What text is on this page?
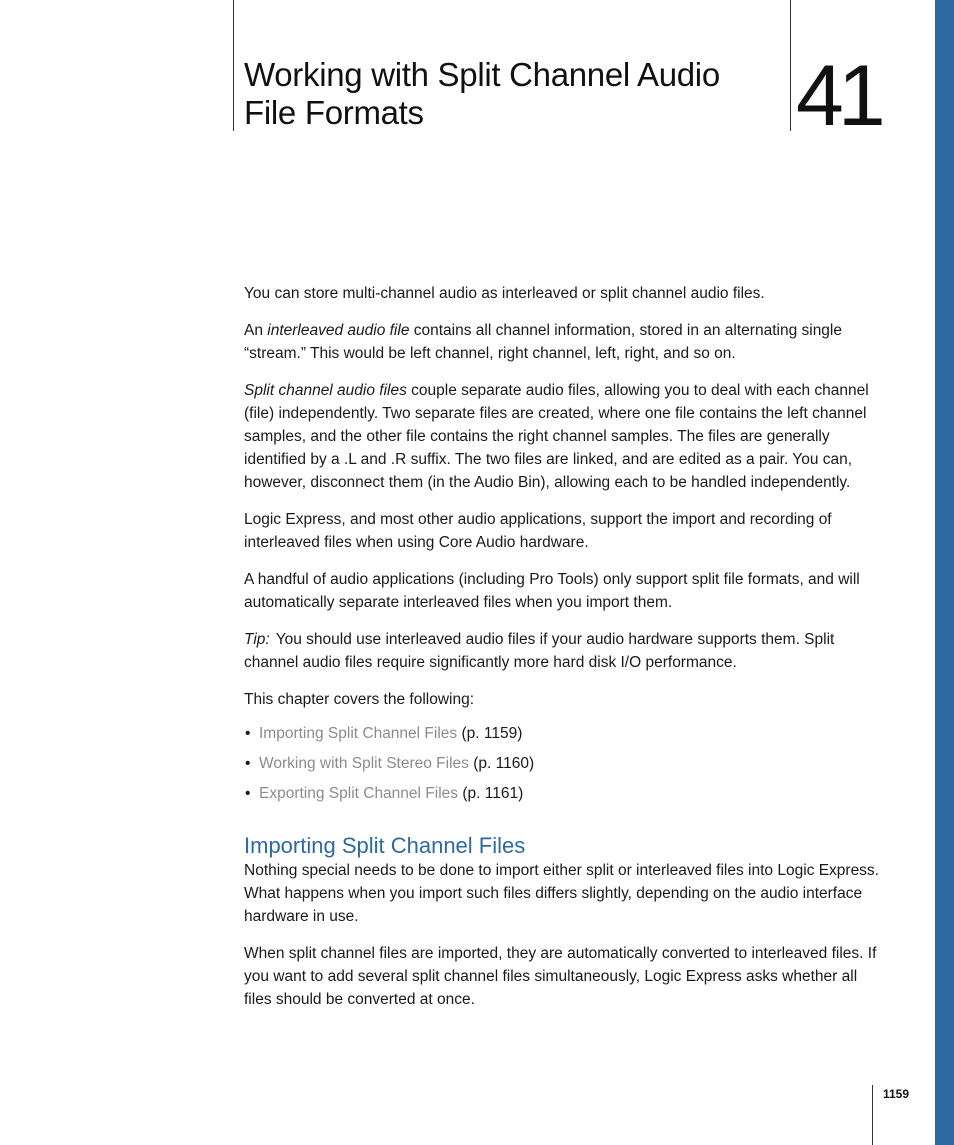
Working with Split Channel Audio File Formats	41

You can store multi-channel audio as interleaved or split channel audio files.

An interleaved audio file contains all channel information, stored in an alternating single “stream.” This would be left channel, right channel, left, right, and so on.

Split channel audio files couple separate audio files, allowing you to deal with each channel (file) independently. Two separate files are created, where one file contains the left channel samples, and the other file contains the right channel samples. The files are generally identified by a .L and .R suffix. The two files are linked, and are edited as a pair. You can, however, disconnect them (in the Audio Bin), allowing each to be handled independently.

Logic Express, and most other audio applications, support the import and recording of interleaved files when using Core Audio hardware.

A handful of audio applications (including Pro Tools) only support split file formats, and will automatically separate interleaved files when you import them.

Tip: You should use interleaved audio files if your audio hardware supports them. Split channel audio files require significantly more hard disk I/O performance.

This chapter covers the following:

• Importing Split Channel Files (p. 1159)
• Working with Split Stereo Files (p. 1160)
• Exporting Split Channel Files (p. 1161)
Importing Split Channel Files

Nothing special needs to be done to import either split or interleaved files into Logic Express. What happens when you import such files differs slightly, depending on the audio interface hardware in use.

When split channel files are imported, they are automatically converted to interleaved files. If you want to add several split channel files simultaneously, Logic Express asks whether all files should be converted at once.

1159
